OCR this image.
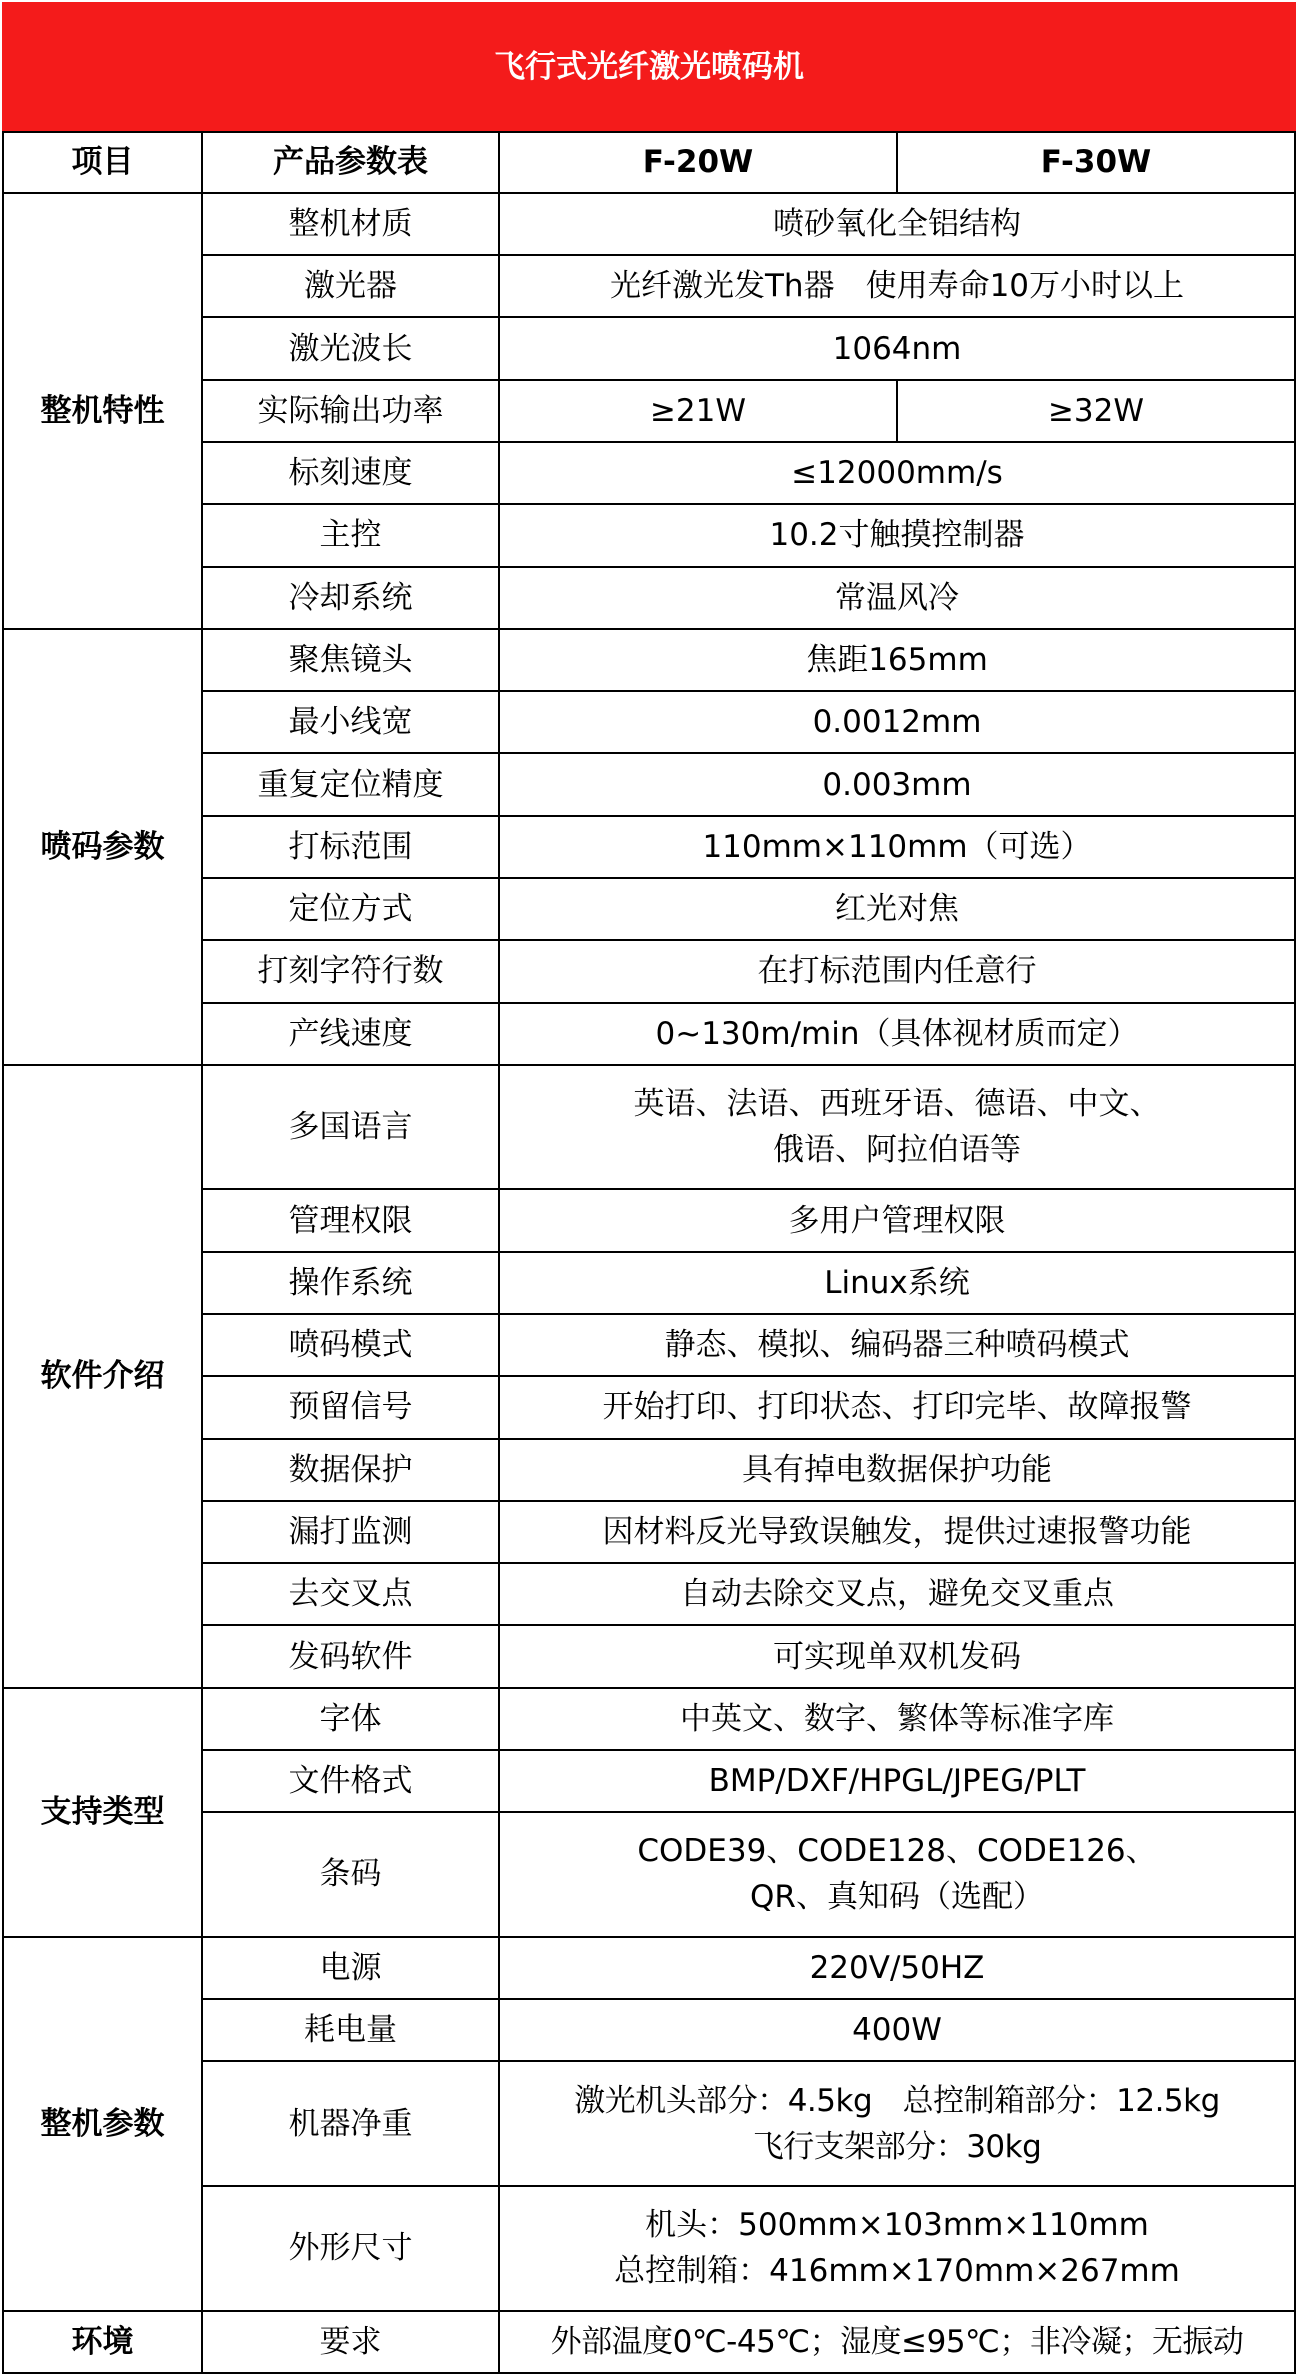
飞行式光纤激光喷码机			
项目	产品参数表	F-20W	F-30W
整机特性	整机材质	喷砂氧化全铝结构	
	激光器	光纤激光发Th器　使用寿命10万小时以上	
	激光波长	1064nm	
	实际输出功率	≥21W	≥32W
	标刻速度	≤12000mm/s	
	主控	10.2寸触摸控制器	
	冷却系统	常温风冷	
喷码参数	聚焦镜头	焦距165mm	
	最小线宽	0.0012mm	
	重复定位精度	0.003mm	
	打标范围	110mm×110mm（可选）	
	定位方式	红光对焦	
	打刻字符行数	在打标范围内任意行	
	产线速度	0~130m/min（具体视材质而定）	
软件介绍	多国语言	英语、法语、西班牙语、德语、中文、
俄语、阿拉伯语等	

	管理权限	多用户管理权限	
	操作系统	Linux系统	
	喷码模式	静态、模拟、编码器三种喷码模式	
	预留信号	开始打印、打印状态、打印完毕、故障报警	
	数据保护	具有掉电数据保护功能	
	漏打监测	因材料反光导致误触发，提供过速报警功能	
	去交叉点	自动去除交叉点，避免交叉重点	
	发码软件	可实现单双机发码	
支持类型	字体	中英文、数字、繁体等标准字库	
	文件格式	BMP/DXF/HPGL/JPEG/PLT	
	条码	CODE39、CODE128、CODE126、
QR、真知码（选配）	

整机参数	电源	220V/50HZ	
	耗电量	400W	
	机器净重	激光机头部分：4.5kg　总控制箱部分：12.5kg
飞行支架部分：30kg	

	外形尺寸	机头：500mm×103mm×110mm
总控制箱：416mm×170mm×267mm	

环境	要求	外部温度0℃-45℃；湿度≤95℃；非冷凝；无振动	
